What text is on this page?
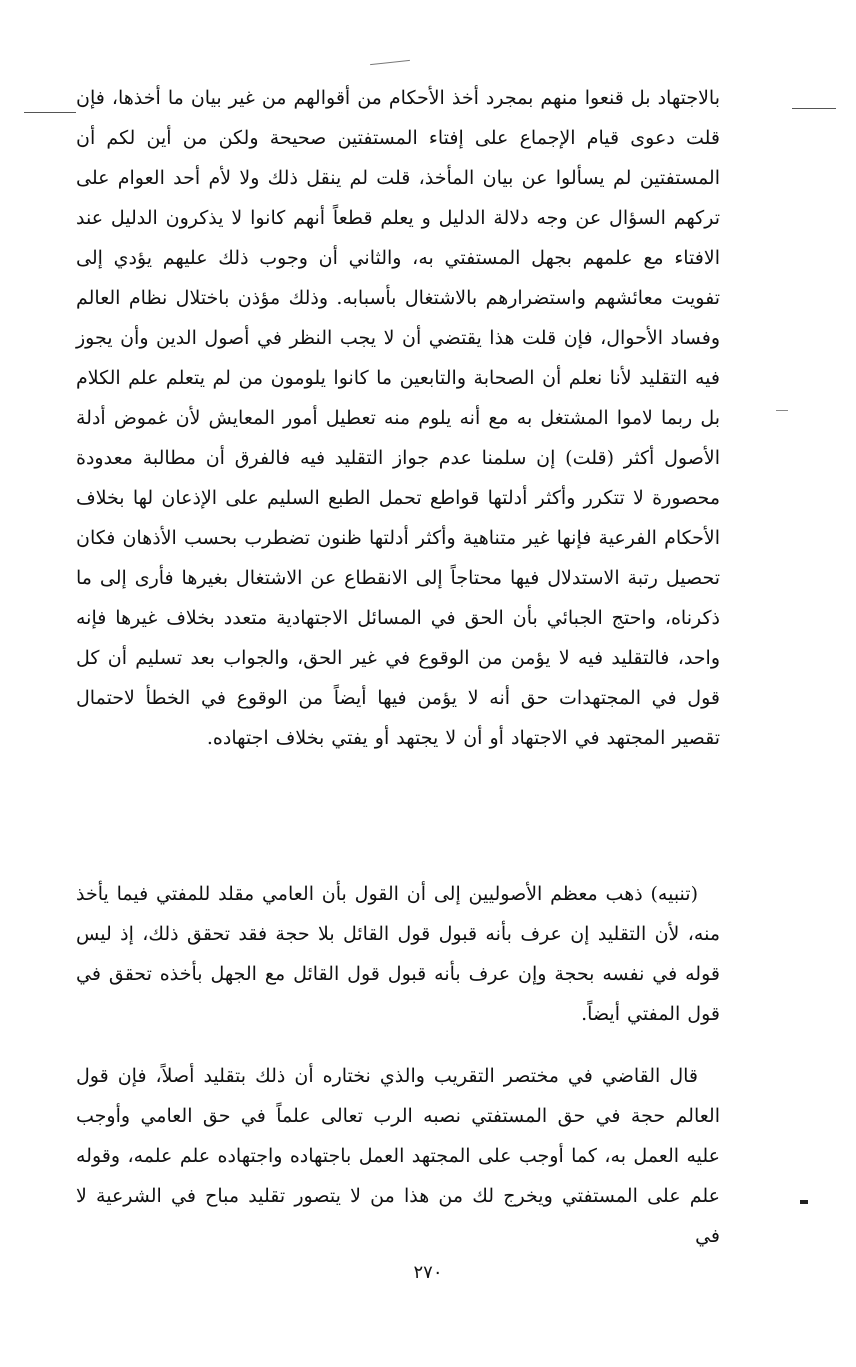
بالاجتهاد بل قنعوا منهم بمجرد أخذ الأحكام من أقوالهم من غير بيان ما أخذها، فإن قلت دعوى قيام الإجماع على إفتاء المستفتين صحيحة ولكن من أين لكم أن المستفتين لم يسألوا عن بيان المأخذ، قلت لم ينقل ذلك ولا لأم أحد العوام على تركهم السؤال عن وجه دلالة الدليل و يعلم قطعاً أنهم كانوا لا يذكرون الدليل عند الافتاء مع علمهم بجهل المستفتي به، والثاني أن وجوب ذلك عليهم يؤدي إلى تفويت معائشهم واستضرارهم بالاشتغال بأسبابه. وذلك مؤذن باختلال نظام العالم وفساد الأحوال، فإن قلت هذا يقتضي أن لا يجب النظر في أصول الدين وأن يجوز فيه التقليد لأنا نعلم أن الصحابة والتابعين ما كانوا يلومون من لم يتعلم علم الكلام بل ربما لاموا المشتغل به مع أنه يلوم منه تعطيل أمور المعايش لأن غموض أدلة الأصول أكثر (قلت) إن سلمنا عدم جواز التقليد فيه فالفرق أن مطالبة معدودة محصورة لا تتكرر وأكثر أدلتها قواطع تحمل الطبع السليم على الإذعان لها بخلاف الأحكام الفرعية فإنها غير متناهية وأكثر أدلتها ظنون تضطرب بحسب الأذهان فكان تحصيل رتبة الاستدلال فيها محتاجاً إلى الانقطاع عن الاشتغال بغيرها فأرى إلى ما ذكرناه، واحتج الجبائي بأن الحق في المسائل الاجتهادية متعدد بخلاف غيرها فإنه واحد، فالتقليد فيه لا يؤمن من الوقوع في غير الحق، والجواب بعد تسليم أن كل قول في المجتهدات حق أنه لا يؤمن فيها أيضاً من الوقوع في الخطأ لاحتمال تقصير المجتهد في الاجتهاد أو أن لا يجتهد أو يفتي بخلاف اجتهاده.

(تنبيه) ذهب معظم الأصوليين إلى أن القول بأن العامي مقلد للمفتي فيما يأخذ منه، لأن التقليد إن عرف بأنه قبول قول القائل بلا حجة فقد تحقق ذلك، إذ ليس قوله في نفسه بحجة وإن عرف بأنه قبول قول القائل مع الجهل بأخذه تحقق في قول المفتي أيضاً.

قال القاضي في مختصر التقريب والذي نختاره أن ذلك بتقليد أصلاً، فإن قول العالم حجة في حق المستفتي نصبه الرب تعالى علماً في حق العامي وأوجب عليه العمل به، كما أوجب على المجتهد العمل باجتهاده واجتهاده علم علمه، وقوله علم على المستفتي ويخرج لك من هذا من لا يتصور تقليد مباح في الشرعية لا في

٢٧٠
